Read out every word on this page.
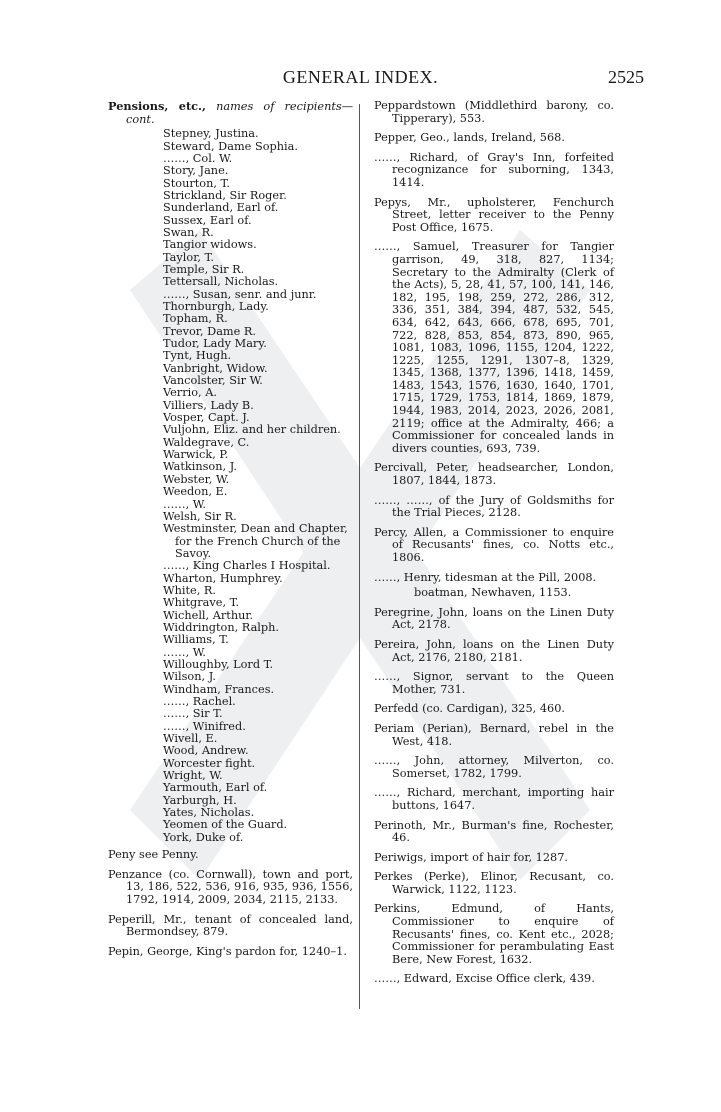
GENERAL INDEX.	2525
Pensions, etc., names of recipients—cont.
Stepney, Justina.
Steward, Dame Sophia.
……, Col. W.
Story, Jane.
Stourton, T.
Strickland, Sir Roger.
Sunderland, Earl of.
Sussex, Earl of.
Swan, R.
Tangior widows.
Taylor, T.
Temple, Sir R.
Tettersall, Nicholas.
……, Susan, senr. and junr.
Thornburgh, Lady.
Topham, R.
Trevor, Dame R.
Tudor, Lady Mary.
Tynt, Hugh.
Vanbright, Widow.
Vancolster, Sir W.
Verrio, A.
Villiers, Lady B.
Vosper, Capt. J.
Vuljohn, Eliz. and her children.
Waldegrave, C.
Warwick, P.
Watkinson, J.
Webster, W.
Weedon, E.
……, W.
Welsh, Sir R.
Westminster, Dean and Chapter, for the French Church of the Savoy.
……, King Charles I Hospital.
Wharton, Humphrey.
White, R.
Whitgrave, T.
Wichell, Arthur.
Widdrington, Ralph.
Williams, T.
……, W.
Willoughby, Lord T.
Wilson, J.
Windham, Frances.
……, Rachel.
……, Sir T.
……, Winifred.
Wivell, E.
Wood, Andrew.
Worcester fight.
Wright, W.
Yarmouth, Earl of.
Yarburgh, H.
Yates, Nicholas.
Yeomen of the Guard.
York, Duke of.
Peny see Penny.
Penzance (co. Cornwall), town and port, 13, 186, 522, 536, 916, 935, 936, 1556, 1792, 1914, 2009, 2034, 2115, 2133.
Peperill, Mr., tenant of concealed land, Bermondsey, 879.
Pepin, George, King's pardon for, 1240–1.
Peppardstown (Middlethird barony, co. Tipperary), 553.
Pepper, Geo., lands, Ireland, 568.
……, Richard, of Gray's Inn, forfeited recognizance for suborning, 1343, 1414.
Pepys, Mr., upholsterer, Fenchurch Street, letter receiver to the Penny Post Office, 1675.
……, Samuel, Treasurer for Tangier garrison, 49, 318, 827, 1134; Secretary to the Admiralty (Clerk of the Acts), 5, 28, 41, 57, 100, 141, 146, 182, 195, 198, 259, 272, 286, 312, 336, 351, 384, 394, 487, 532, 545, 634, 642, 643, 666, 678, 695, 701, 722, 828, 853, 854, 873, 890, 965, 1081, 1083, 1096, 1155, 1204, 1222, 1225, 1255, 1291, 1307–8, 1329, 1345, 1368, 1377, 1396, 1418, 1459, 1483, 1543, 1576, 1630, 1640, 1701, 1715, 1729, 1753, 1814, 1869, 1879, 1944, 1983, 2014, 2023, 2026, 2081, 2119; office at the Admiralty, 466; a Commissioner for concealed lands in divers counties, 693, 739.
Percivall, Peter, headsearcher, London, 1807, 1844, 1873.
……, ……, of the Jury of Goldsmiths for the Trial Pieces, 2128.
Percy, Allen, a Commissioner to enquire of Recusants' fines, co. Notts etc., 1806.
……, Henry, tidesman at the Pill, 2008.
boatman, Newhaven, 1153.
Peregrine, John, loans on the Linen Duty Act, 2178.
Pereira, John, loans on the Linen Duty Act, 2176, 2180, 2181.
……, Signor, servant to the Queen Mother, 731.
Perfedd (co. Cardigan), 325, 460.
Periam (Perian), Bernard, rebel in the West, 418.
……, John, attorney, Milverton, co. Somerset, 1782, 1799.
……, Richard, merchant, importing hair buttons, 1647.
Perinoth, Mr., Burman's fine, Rochester, 46.
Periwigs, import of hair for, 1287.
Perkes (Perke), Elinor, Recusant, co. Warwick, 1122, 1123.
Perkins, Edmund, of Hants, Commissioner to enquire of Recusants' fines, co. Kent etc., 2028; Commissioner for perambulating East Bere, New Forest, 1632.
……, Edward, Excise Office clerk, 439.
